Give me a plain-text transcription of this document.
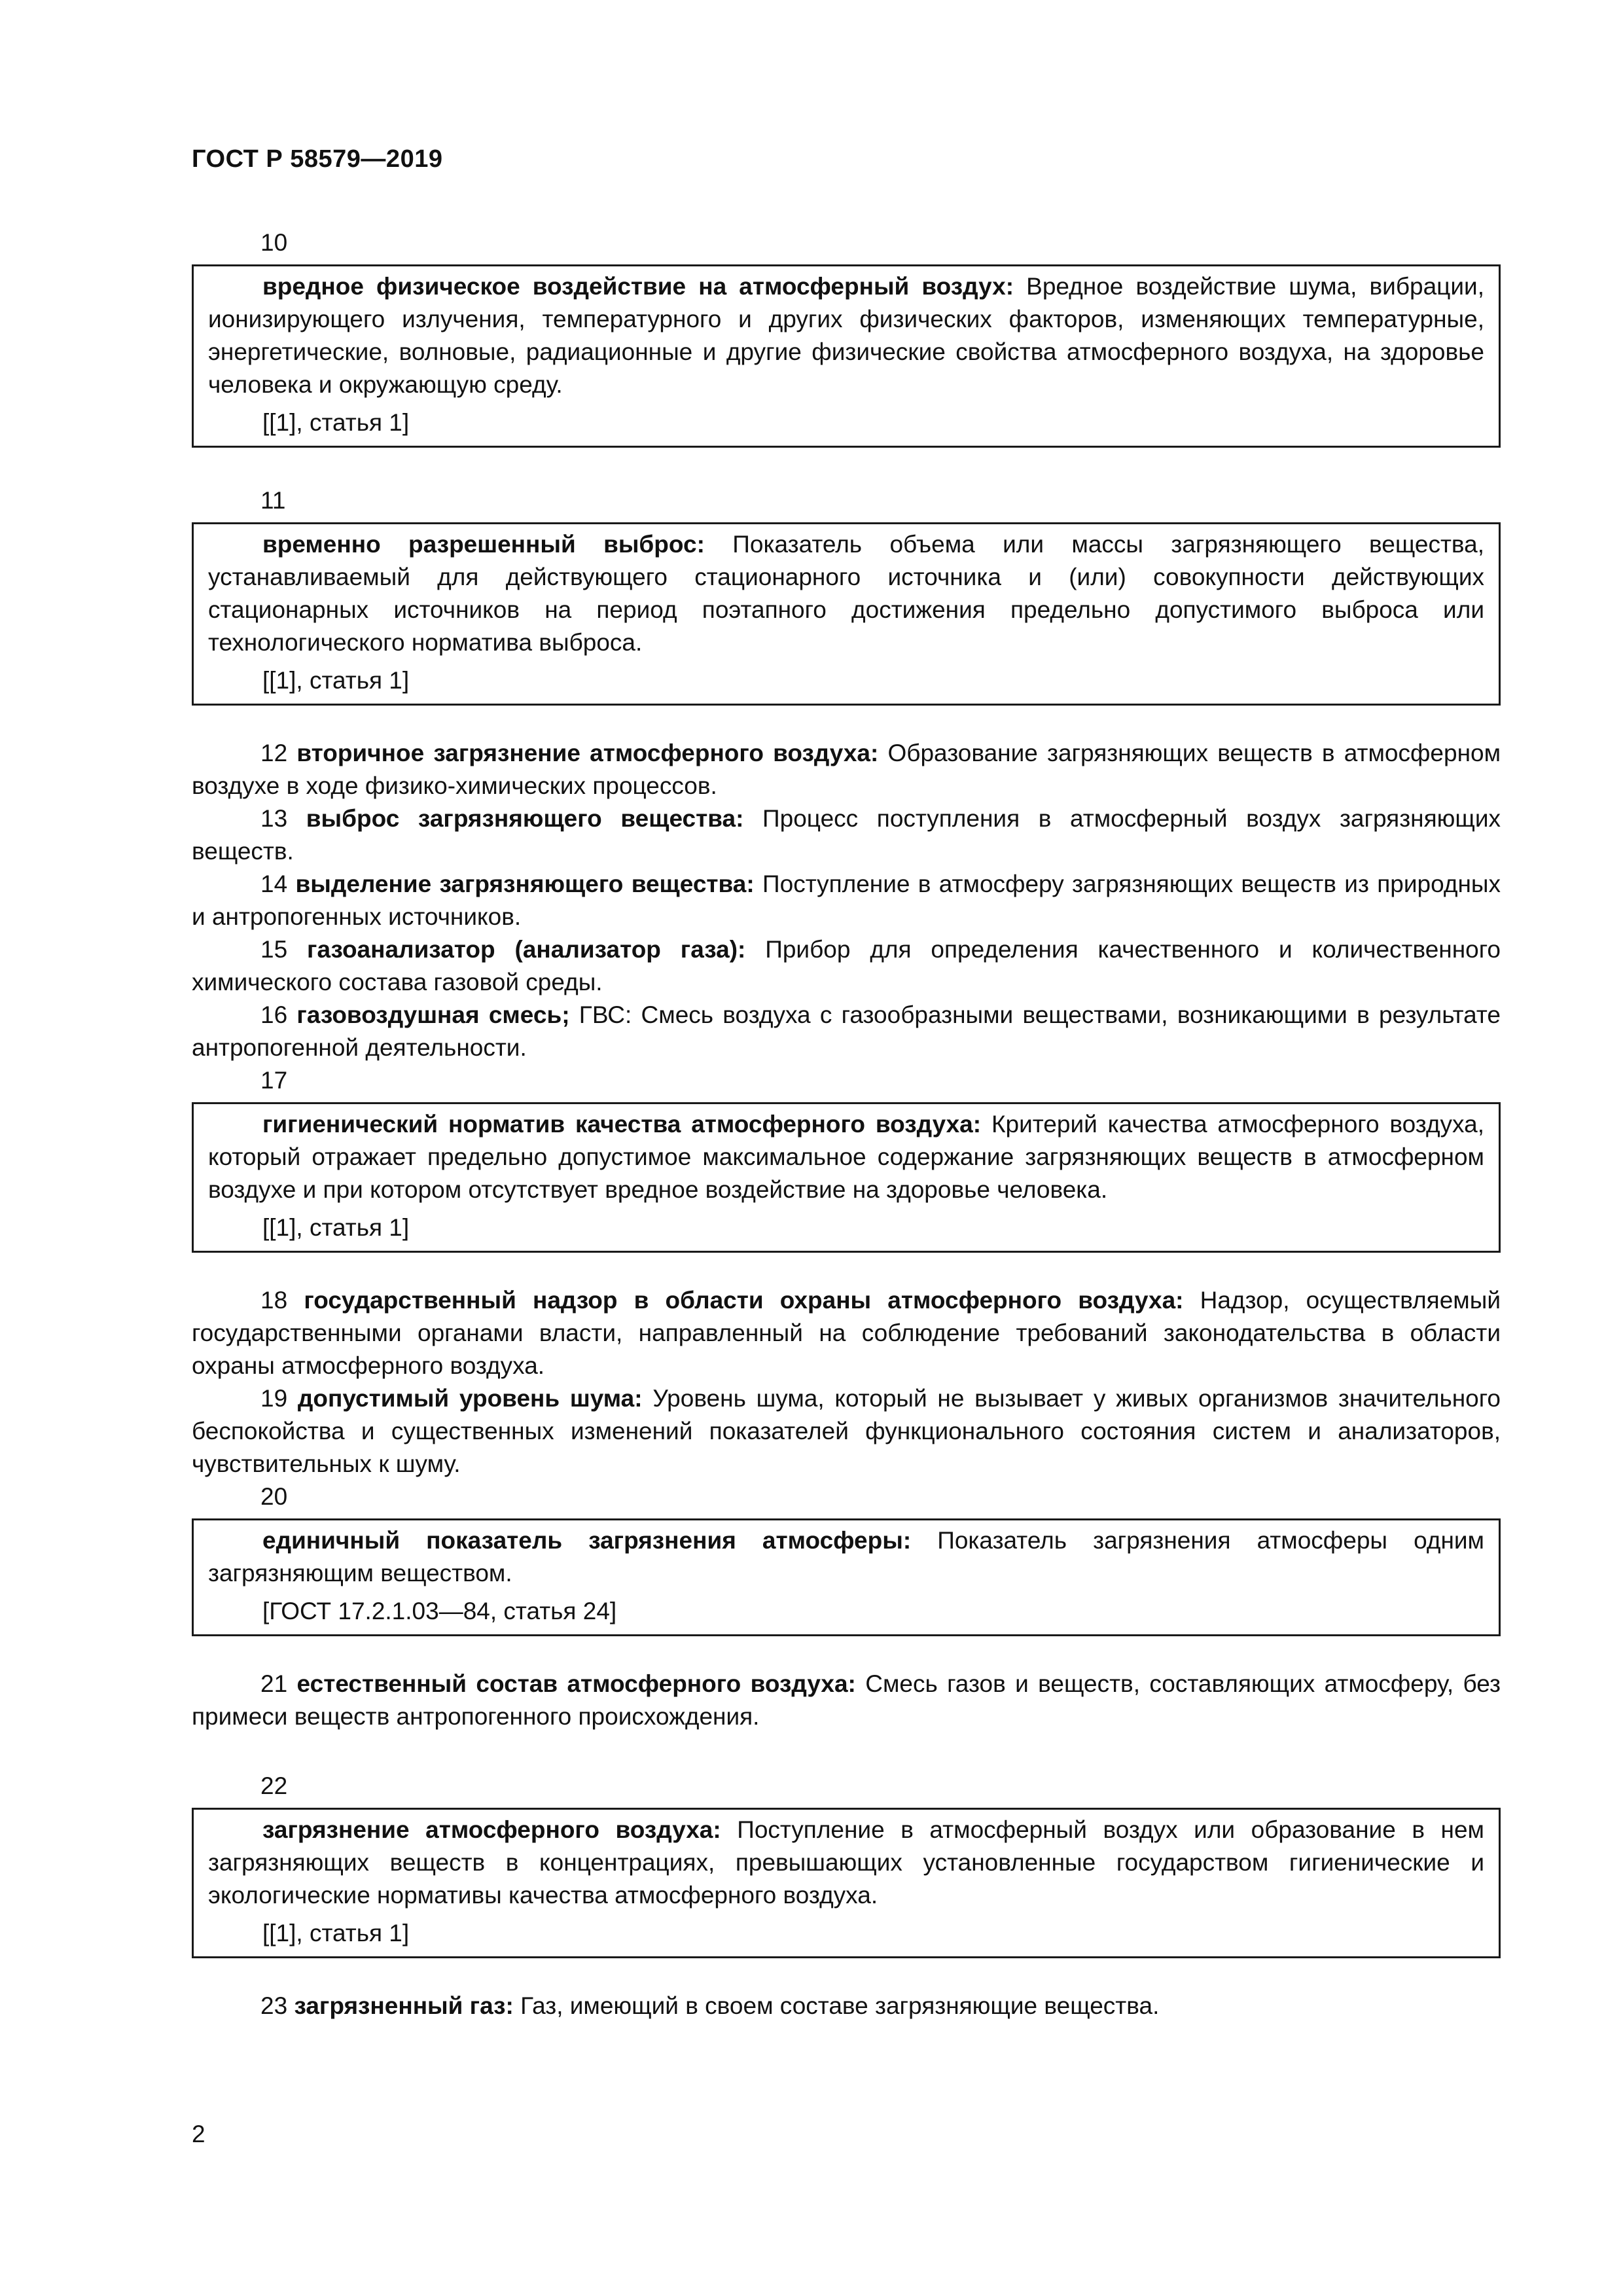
ГОСТ Р 58579—2019
10

вредное физическое воздействие на атмосферный воздух: Вредное воздействие шума, вибрации, ионизирующего излучения, температурного и других физических факторов, изменяющих температурные, энергетические, волновые, радиационные и другие физические свойства атмосферного воздуха, на здоровье человека и окружающую среду.

[[1], статья 1]

11

временно разрешенный выброс: Показатель объема или массы загрязняющего вещества, устанавливаемый для действующего стационарного источника и (или) совокупности действующих стационарных источников на период поэтапного достижения предельно допустимого выброса или технологического норматива выброса.

[[1], статья 1]

12 вторичное загрязнение атмосферного воздуха: Образование загрязняющих веществ в атмосферном воздухе в ходе физико-химических процессов.

13 выброс загрязняющего вещества: Процесс поступления в атмосферный воздух загрязняющих веществ.

14 выделение загрязняющего вещества: Поступление в атмосферу загрязняющих веществ из природных и антропогенных источников.

15 газоанализатор (анализатор газа): Прибор для определения качественного и количественного химического состава газовой среды.

16 газовоздушная смесь; ГВС: Смесь воздуха с газообразными веществами, возникающими в результате антропогенной деятельности.

17

гигиенический норматив качества атмосферного воздуха: Критерий качества атмосферного воздуха, который отражает предельно допустимое максимальное содержание загрязняющих веществ в атмосферном воздухе и при котором отсутствует вредное воздействие на здоровье человека.

[[1], статья 1]

18 государственный надзор в области охраны атмосферного воздуха: Надзор, осуществляемый государственными органами власти, направленный на соблюдение требований законодательства в области охраны атмосферного воздуха.

19 допустимый уровень шума: Уровень шума, который не вызывает у живых организмов значительного беспокойства и существенных изменений показателей функционального состояния систем и анализаторов, чувствительных к шуму.

20

единичный показатель загрязнения атмосферы: Показатель загрязнения атмосферы одним загрязняющим веществом.

[ГОСТ 17.2.1.03—84, статья 24]

21 естественный состав атмосферного воздуха: Смесь газов и веществ, составляющих атмосферу, без примеси веществ антропогенного происхождения.

22

загрязнение атмосферного воздуха: Поступление в атмосферный воздух или образование в нем загрязняющих веществ в концентрациях, превышающих установленные государством гигиенические и экологические нормативы качества атмосферного воздуха.

[[1], статья 1]

23 загрязненный газ: Газ, имеющий в своем составе загрязняющие вещества.

2
